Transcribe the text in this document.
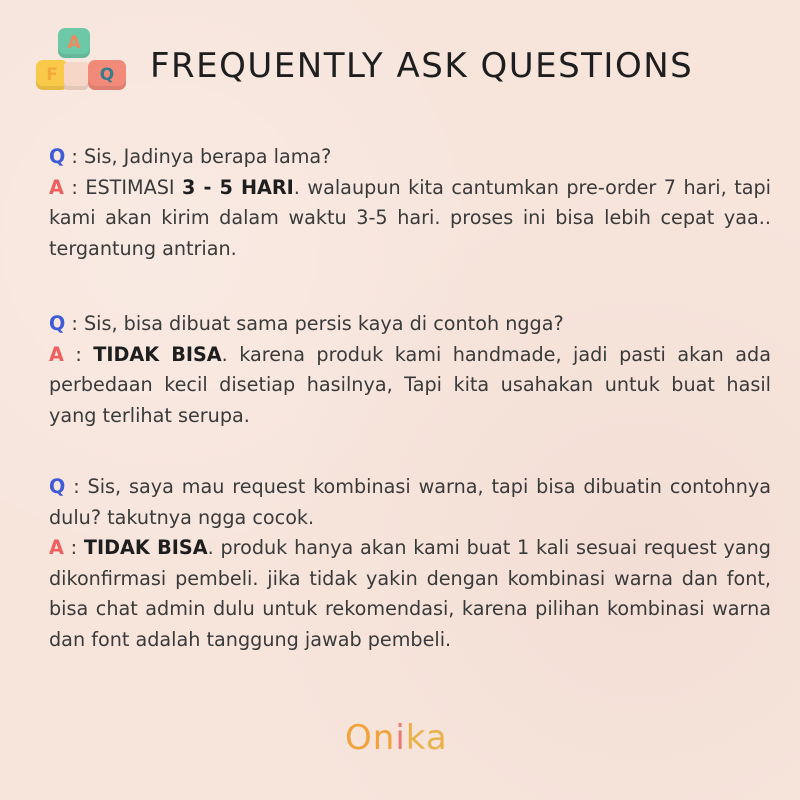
A
F Q FREQUENTLY ASK QUESTIONS

Q : Sis, Jadinya berapa lama?

A : ESTIMASI 3 - 5 HARI. walaupun kita cantumkan pre-order 7 hari, tapi kami akan kirim dalam waktu 3-5 hari. proses ini bisa lebih cepat yaa.. tergantung antrian.

Q : Sis, bisa dibuat sama persis kaya di contoh ngga?

A : TIDAK BISA. karena produk kami handmade, jadi pasti akan ada perbedaan kecil disetiap hasilnya, Tapi kita usahakan untuk buat hasil yang terlihat serupa.

Q : Sis, saya mau request kombinasi warna, tapi bisa dibuatin contohnya dulu? takutnya ngga cocok.

A : TIDAK BISA. produk hanya akan kami buat 1 kali sesuai request yang dikonfirmasi pembeli. jika tidak yakin dengan kombinasi warna dan font, bisa chat admin dulu untuk rekomendasi, karena pilihan kombinasi warna dan font adalah tanggung jawab pembeli.

Onika
